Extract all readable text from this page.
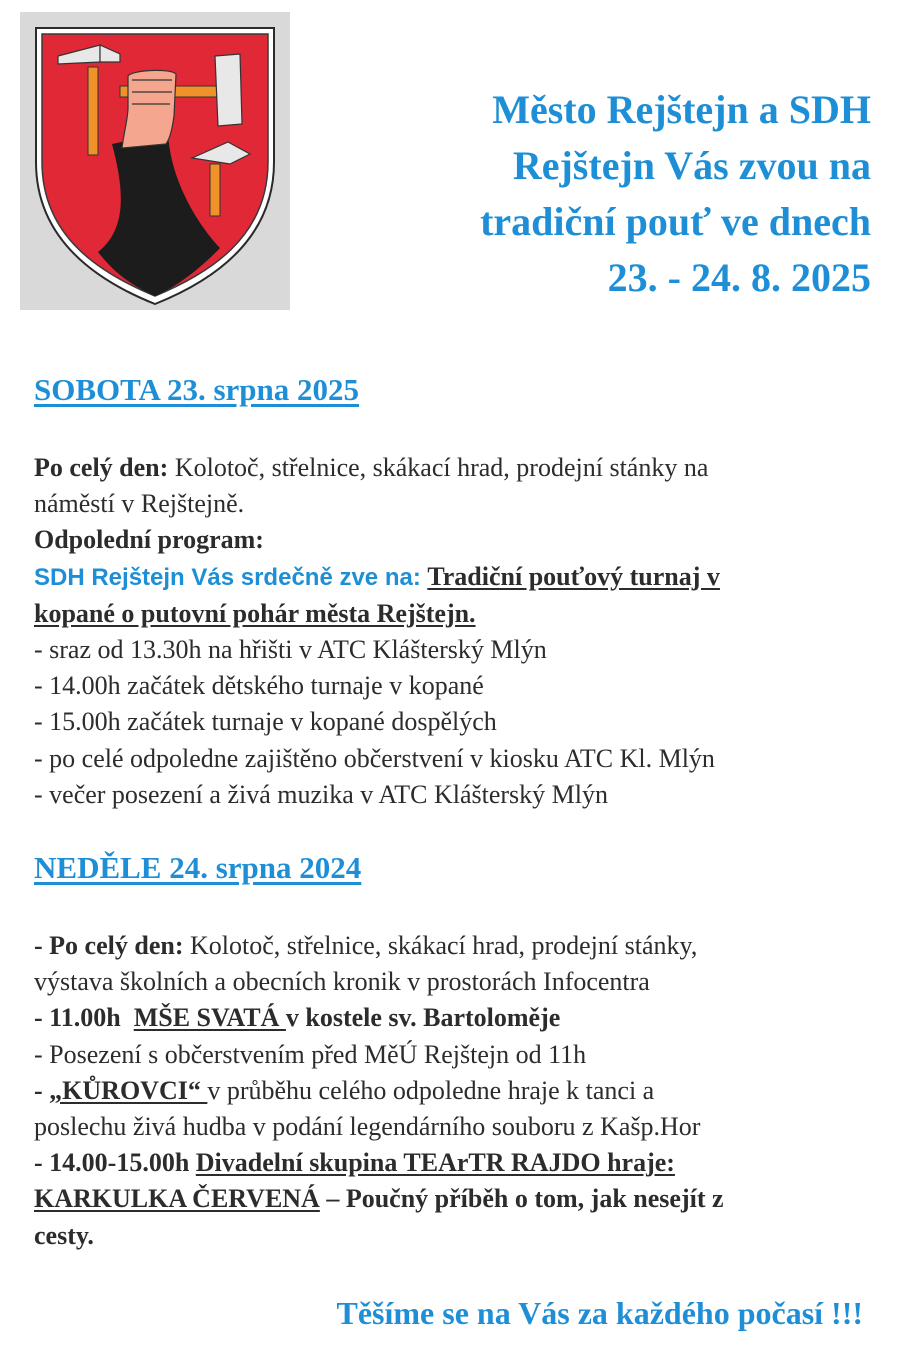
Město Rejštejn a SDH
Rejštejn Vás zvou na
tradiční pouť ve dnech
23. - 24. 8. 2025
SOBOTA 23. srpna 2025
Po celý den: Kolotoč, střelnice, skákací hrad, prodejní stánky na
náměstí v Rejštejně.
Odpolední program:
SDH Rejštejn Vás srdečně zve na: Tradiční pouťový turnaj v
kopané o putovní pohár města Rejštejn.
- sraz od 13.30h na hřišti v ATC Klášterský Mlýn
- 14.00h začátek dětského turnaje v kopané
- 15.00h začátek turnaje v kopané dospělých
- po celé odpoledne zajištěno občerstvení v kiosku ATC Kl. Mlýn
- večer posezení a živá muzika v ATC Klášterský Mlýn
NEDĚLE 24. srpna 2024
- Po celý den: Kolotoč, střelnice, skákací hrad, prodejní stánky,
výstava školních a obecních kronik v prostorách Infocentra
- 11.00h  MŠE SVATÁ v kostele sv. Bartoloměje
- Posezení s občerstvením před MěÚ Rejštejn od 11h
- „KŮROVCI“ v průběhu celého odpoledne hraje k tanci a
poslechu živá hudba v podání legendárního souboru z Kašp.Hor
- 14.00-15.00h Divadelní skupina TEArTR RAJDO hraje:
KARKULKA ČERVENÁ – Poučný příběh o tom, jak nesejít z
cesty.
Těšíme se na Vás za každého počasí !!!
